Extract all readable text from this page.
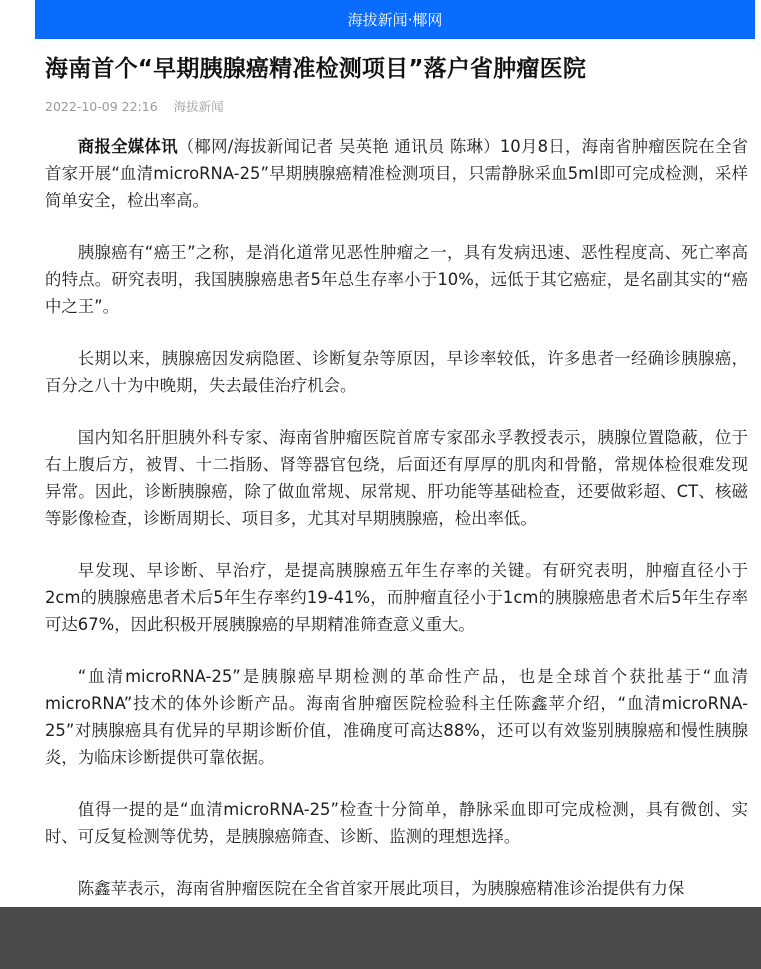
海拔新闻·椰网
海南首个“早期胰腺癌精准检测项目”落户省肿瘤医院
2022-10-09 22:16 海拔新闻

商报全媒体讯（椰网/海拔新闻记者 吴英艳 通讯员 陈琳）10月8日，海南省肿瘤医院在全省首家开展“血清microRNA-25”早期胰腺癌精准检测项目，只需静脉采血5ml即可完成检测，采样简单安全，检出率高。

胰腺癌有“癌王”之称，是消化道常见恶性肿瘤之一，具有发病迅速、恶性程度高、死亡率高的特点。研究表明，我国胰腺癌患者5年总生存率小于10%，远低于其它癌症，是名副其实的“癌中之王”。

长期以来，胰腺癌因发病隐匿、诊断复杂等原因，早诊率较低，许多患者一经确诊胰腺癌，百分之八十为中晚期，失去最佳治疗机会。

国内知名肝胆胰外科专家、海南省肿瘤医院首席专家邵永孚教授表示，胰腺位置隐蔽，位于右上腹后方，被胃、十二指肠、肾等器官包绕，后面还有厚厚的肌肉和骨骼，常规体检很难发现异常。因此，诊断胰腺癌，除了做血常规、尿常规、肝功能等基础检查，还要做彩超、CT、核磁等影像检查，诊断周期长、项目多，尤其对早期胰腺癌，检出率低。

早发现、早诊断、早治疗，是提高胰腺癌五年生存率的关键。有研究表明，肿瘤直径小于2cm的胰腺癌患者术后5年生存率约19-41%，而肿瘤直径小于1cm的胰腺癌患者术后5年生存率可达67%，因此积极开展胰腺癌的早期精准筛查意义重大。

“血清microRNA-25”是胰腺癌早期检测的革命性产品，也是全球首个获批基于“血清microRNA”技术的体外诊断产品。海南省肿瘤医院检验科主任陈鑫苹介绍，“血清microRNA-25”对胰腺癌具有优异的早期诊断价值，准确度可高达88%，还可以有效鉴别胰腺癌和慢性胰腺炎，为临床诊断提供可靠依据。

值得一提的是“血清microRNA-25”检查十分简单，静脉采血即可完成检测，具有微创、实时、可反复检测等优势，是胰腺癌筛查、诊断、监测的理想选择。

陈鑫苹表示，海南省肿瘤医院在全省首家开展此项目，为胰腺癌精准诊治提供有力保
